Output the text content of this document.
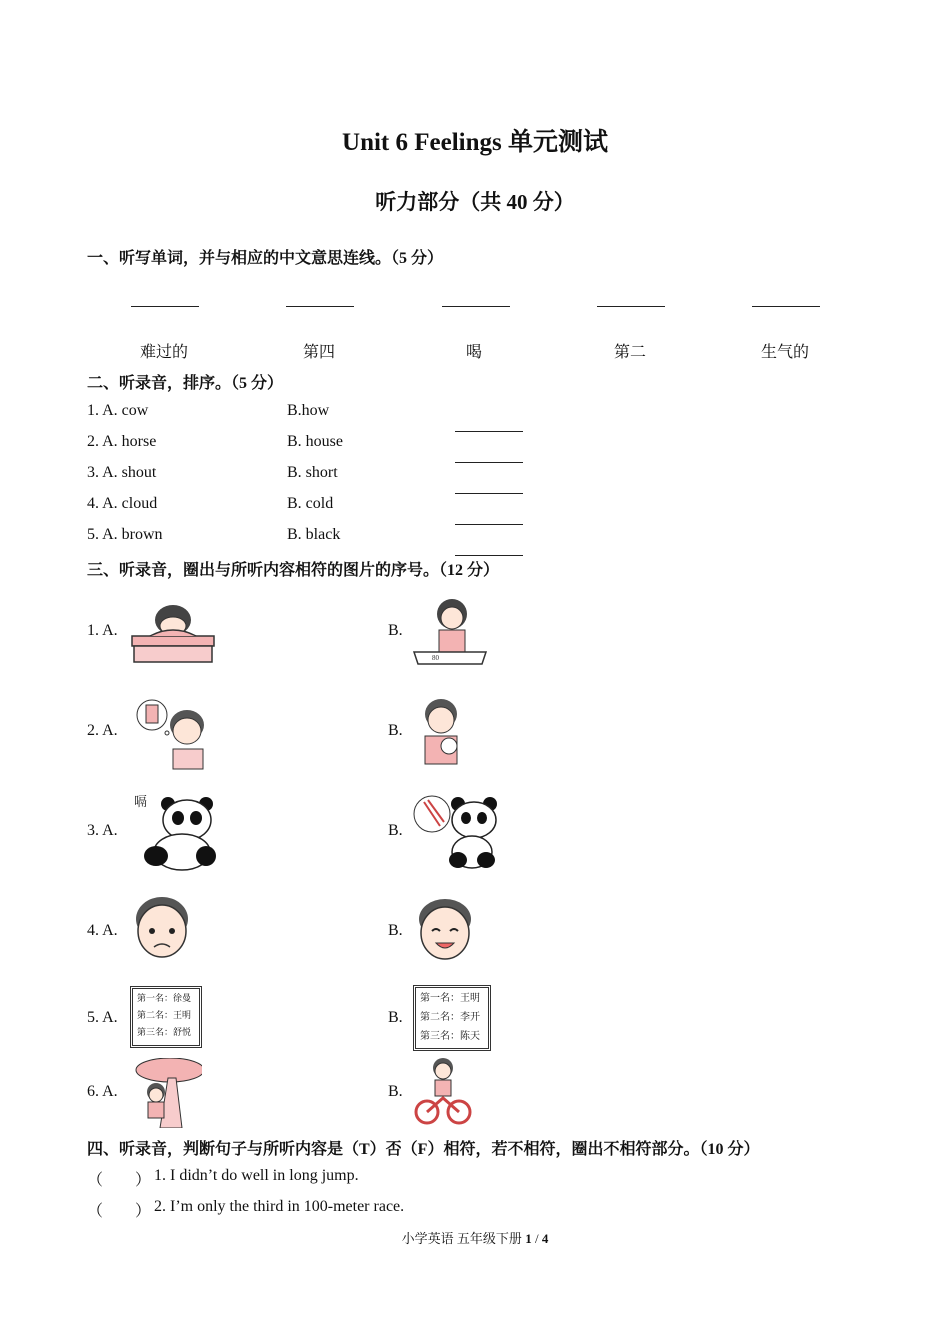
Unit 6 Feelings 单元测试
听力部分（共 40 分）
一、听写单词，并与相应的中文意思连线。（5 分）
难过的	第四	喝	第二	生气的
二、听录音，排序。（5 分）
1. A. cow	B.how
2. A. horse	B. house
3. A. shout	B. short
4. A. cloud	B. cold
5. A. brown	B. black
三、听录音，圈出与所听内容相符的图片的序号。（12 分）
1. A.	B.
80
2. A.	B.
3. A.
嗝
B.
4. A.	B.
5. A.
第一名：徐曼
第二名：王明
第三名：舒悦
B.
第一名：王明
第二名：李开
第三名：陈天
6. A.	B.
四、听录音，判断句子与所听内容是（T）否（F）相符，若不相符，圈出不相符部分。（10 分）
（　　） 1. I didn’t do well in long jump.
（　　） 2. I’m only the third in 100-meter race.
小学英语 五年级下册 1 / 4
